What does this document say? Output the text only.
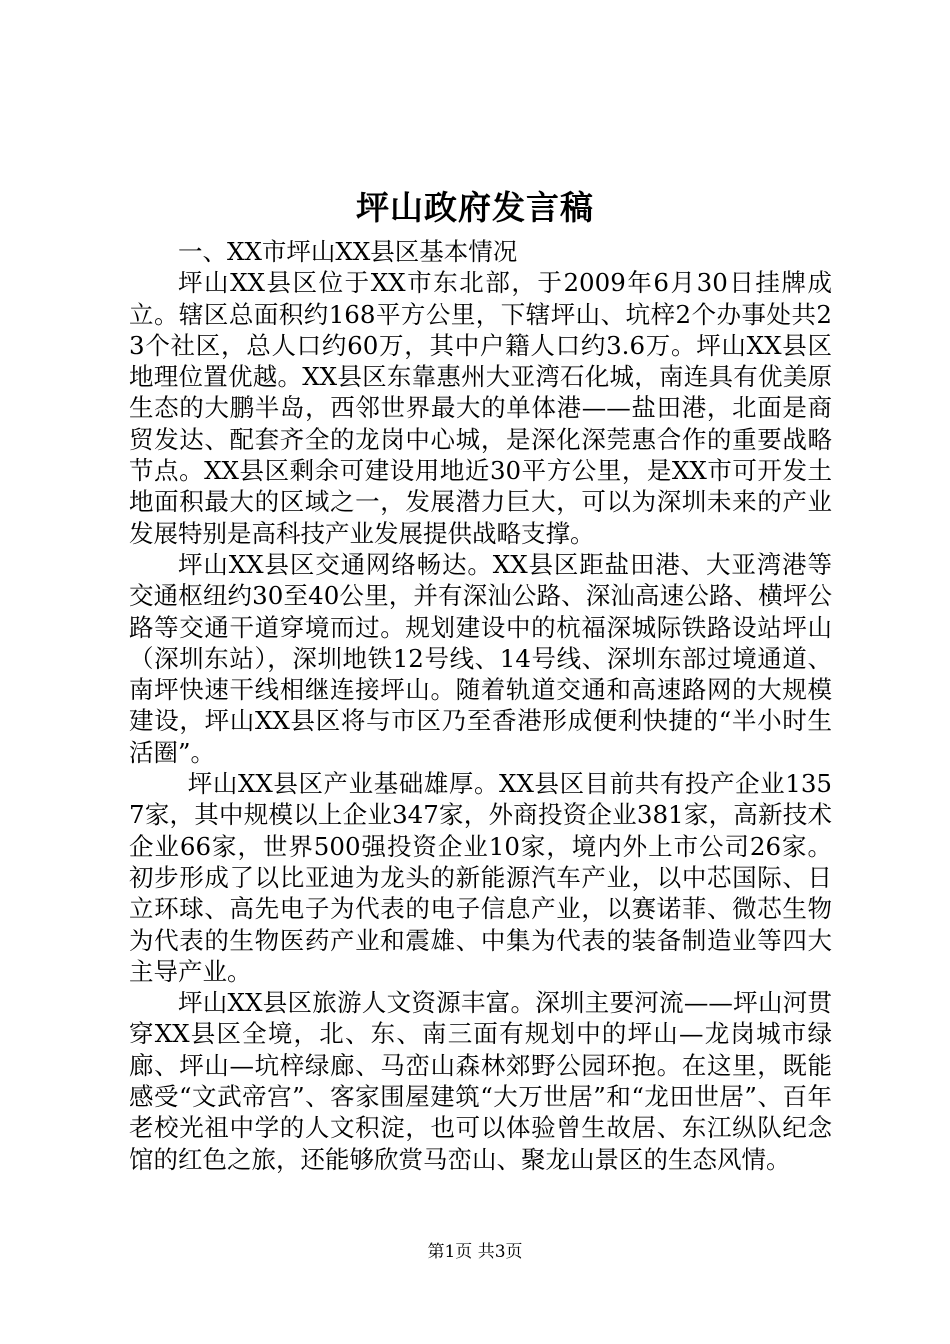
坪山政府发言稿

一、XX市坪山XX县区基本情况

坪山XX县区位于XX市东北部，于2009年6月30日挂牌成立。辖区总面积约168平方公里，下辖坪山、坑梓2个办事处共23个社区，总人口约60万，其中户籍人口约3.6万。坪山XX县区地理位置优越。XX县区东靠惠州大亚湾石化城，南连具有优美原生态的大鹏半岛，西邻世界最大的单体港——盐田港，北面是商贸发达、配套齐全的龙岗中心城，是深化深莞惠合作的重要战略节点。XX县区剩余可建设用地近30平方公里，是XX市可开发土地面积最大的区域之一，发展潜力巨大，可以为深圳未来的产业发展特别是高科技产业发展提供战略支撑。

坪山XX县区交通网络畅达。XX县区距盐田港、大亚湾港等交通枢纽约30至40公里，并有深汕公路、深汕高速公路、横坪公路等交通干道穿境而过。规划建设中的杭福深城际铁路设站坪山（深圳东站），深圳地铁12号线、14号线、深圳东部过境通道、南坪快速干线相继连接坪山。随着轨道交通和高速路网的大规模建设，坪山XX县区将与市区乃至香港形成便利快捷的“半小时生活圈”。

坪山XX县区产业基础雄厚。XX县区目前共有投产企业1357家，其中规模以上企业347家，外商投资企业381家，高新技术企业66家，世界500强投资企业10家，境内外上市公司26家。初步形成了以比亚迪为龙头的新能源汽车产业，以中芯国际、日立环球、高先电子为代表的电子信息产业，以赛诺菲、微芯生物为代表的生物医药产业和震雄、中集为代表的装备制造业等四大主导产业。

坪山XX县区旅游人文资源丰富。深圳主要河流——坪山河贯穿XX县区全境，北、东、南三面有规划中的坪山—龙岗城市绿廊、坪山—坑梓绿廊、马峦山森林郊野公园环抱。在这里，既能感受“文武帝宫”、客家围屋建筑“大万世居”和“龙田世居”、百年老校光祖中学的人文积淀，也可以体验曾生故居、东江纵队纪念馆的红色之旅，还能够欣赏马峦山、聚龙山景区的生态风情。

第1页 共3页
